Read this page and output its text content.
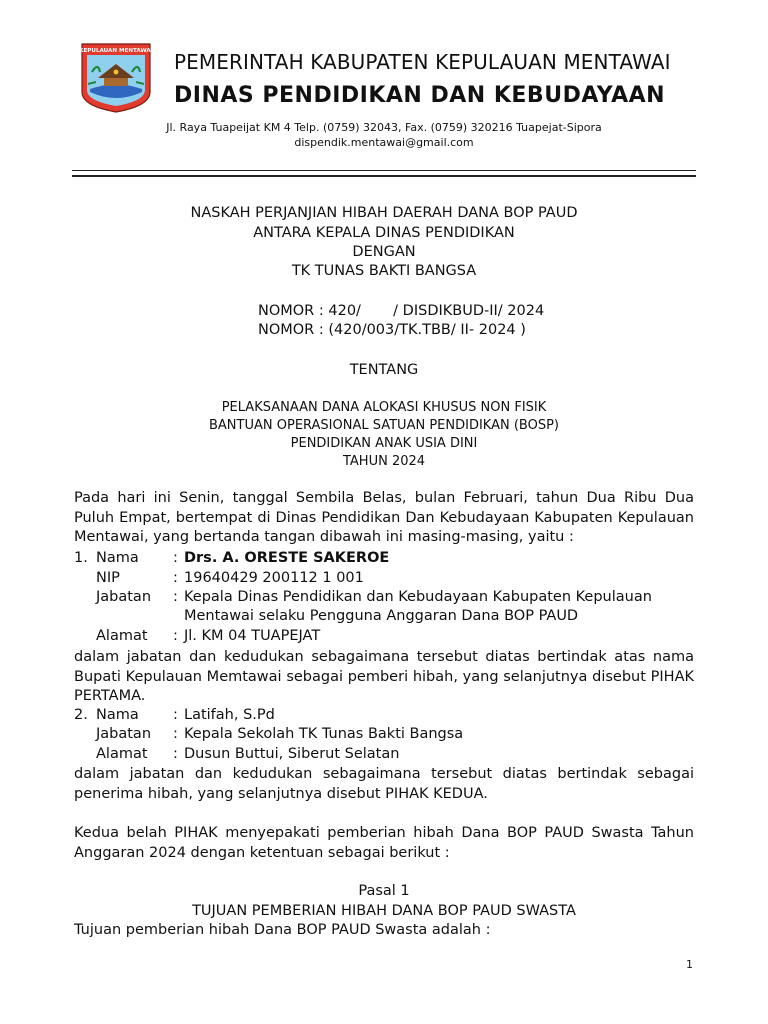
KEPULAUAN MENTAWAI PEMERINTAH KABUPATEN KEPULAUAN MENTAWAI
DINAS PENDIDIKAN DAN KEBUDAYAAN
Jl. Raya Tuapeijat KM 4 Telp. (0759) 32043, Fax. (0759) 320216 Tuapejat-Sipora
dispendik.mentawai@gmail.com
NASKAH PERJANJIAN HIBAH DAERAH DANA BOP PAUD
ANTARA KEPALA DINAS PENDIDIKAN
DENGAN
TK TUNAS BAKTI BANGSA
NOMOR : 420/       / DISDIKBUD-II/ 2024
NOMOR : (420/003/TK.TBB/ II- 2024 )
TENTANG
PELAKSANAAN DANA ALOKASI KHUSUS NON FISIK
BANTUAN OPERASIONAL SATUAN PENDIDIKAN (BOSP)
PENDIDIKAN ANAK USIA DINI
TAHUN 2024
Pada hari ini Senin, tanggal Sembila Belas, bulan Februari, tahun Dua Ribu Dua Puluh Empat, bertempat di Dinas Pendidikan Dan Kebudayaan Kabupaten Kepulauan Mentawai, yang bertanda tangan dibawah ini masing-masing, yaitu :
1. Nama : Drs. A. ORESTE SAKEROE
NIP	: 19640429 200112 1 001
Jabatan : Kepala Dinas Pendidikan dan Kebudayaan Kabupaten Kepulauan
Mentawai selaku Pengguna Anggaran Dana BOP PAUD
Alamat : Jl. KM 04 TUAPEJAT
dalam jabatan dan kedudukan sebagaimana tersebut diatas bertindak atas nama Bupati Kepulauan Memtawai sebagai pemberi hibah, yang selanjutnya disebut PIHAK PERTAMA.
2. Nama : Latifah, S.Pd
Jabatan : Kepala Sekolah TK Tunas Bakti Bangsa
Alamat : Dusun Buttui, Siberut Selatan
dalam jabatan dan kedudukan sebagaimana tersebut diatas bertindak sebagai penerima hibah, yang selanjutnya disebut PIHAK KEDUA.
Kedua belah PIHAK menyepakati pemberian hibah Dana BOP PAUD Swasta Tahun Anggaran 2024 dengan ketentuan sebagai berikut :
Pasal 1
TUJUAN PEMBERIAN HIBAH DANA BOP PAUD SWASTA
Tujuan pemberian hibah Dana BOP PAUD Swasta adalah :
1
